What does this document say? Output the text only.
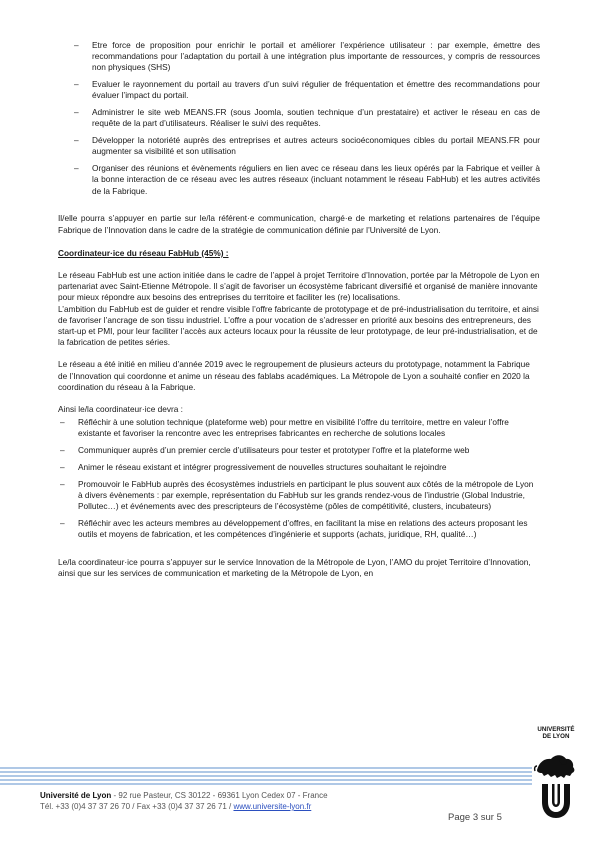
– Etre force de proposition pour enrichir le portail et améliorer l’expérience utilisateur : par exemple, émettre des recommandations pour l’adaptation du portail à une intégration plus importante de ressources, y compris de ressources non physiques (SHS)
– Evaluer le rayonnement du portail au travers d’un suivi régulier de fréquentation et émettre des recommandations pour évaluer l’impact du portail.
– Administrer le site web MEANS.FR (sous Joomla, soutien technique d’un prestataire) et activer le réseau en cas de requête de la part d’utilisateurs. Réaliser le suivi des requêtes.
– Développer la notoriété auprès des entreprises et autres acteurs socioéconomiques cibles du portail MEANS.FR pour augmenter sa visibilité et son utilisation
– Organiser des réunions et évènements réguliers en lien avec ce réseau dans les lieux opérés par la Fabrique et veiller à la bonne interaction de ce réseau avec les autres réseaux (incluant notamment le réseau FabHub) et les autres activités de la Fabrique.

Il/elle pourra s’appuyer en partie sur le/la référent·e communication, chargé·e de marketing et relations partenaires de l’équipe Fabrique de l’Innovation dans le cadre de la stratégie de communication définie par l’Université de Lyon.

Coordinateur·ice du réseau FabHub (45%) :

Le réseau FabHub est une action initiée dans le cadre de l’appel à projet Territoire d’Innovation, portée par la Métropole de Lyon en partenariat avec Saint-Etienne Métropole. Il s’agit de favoriser un écosystème fabricant diversifié et organisé de manière innovante pour mieux répondre aux besoins des entreprises du territoire et faciliter les (re) localisations.

L’ambition du FabHub est de guider et rendre visible l’offre fabricante de prototypage et de pré-industrialisation du territoire, et ainsi de favoriser l’ancrage de son tissu industriel. L’offre a pour vocation de s’adresser en priorité aux besoins des entrepreneurs, des start-up et PMI, pour leur faciliter l’accès aux acteurs locaux pour la réussite de leur prototypage, de leur pré-industrialisation, et de la fabrication de petites séries.

Le réseau a été initié en milieu d’année 2019 avec le regroupement de plusieurs acteurs du prototypage, notamment la Fabrique de l’Innovation qui coordonne et anime un réseau des fablabs académiques. La Métropole de Lyon a souhaité confier en 2020 la coordination du réseau à la Fabrique.

Ainsi le/la coordinateur·ice devra :

– Réfléchir à une solution technique (plateforme web) pour mettre en visibilité l’offre du territoire, mettre en valeur l’offre existante et favoriser la rencontre avec les entreprises fabricantes en recherche de solutions locales
– Communiquer auprès d’un premier cercle d’utilisateurs pour tester et prototyper l’offre et la plateforme web
– Animer le réseau existant et intégrer progressivement de nouvelles structures souhaitant le rejoindre
– Promouvoir le FabHub auprès des écosystèmes industriels en participant le plus souvent aux côtés de la métropole de Lyon à divers évènements : par exemple, représentation du FabHub sur les grands rendez-vous de l’industrie (Global Industrie, Pollutec…) et événements avec des prescripteurs de l’écosystème (pôles de compétitivité, clusters, incubateurs)
– Réfléchir avec les acteurs membres au développement d’offres, en facilitant la mise en relations des acteurs proposant les outils et moyens de fabrication, et les compétences d’ingénierie et supports (achats, juridique, RH, qualité…)

Le/la coordinateur·ice pourra s’appuyer sur le service Innovation de la Métropole de Lyon, l’AMO du projet Territoire d’Innovation, ainsi que sur les services de communication et marketing de la Métropole de Lyon, en

UNIVERSITÉ
DE LYON
Université de Lyon - 92 rue Pasteur, CS 30122 - 69361 Lyon Cedex 07 - France
Tél. +33 (0)4 37 37 26 70 / Fax +33 (0)4 37 37 26 71 / www.universite-lyon.fr
Page 3 sur 5
